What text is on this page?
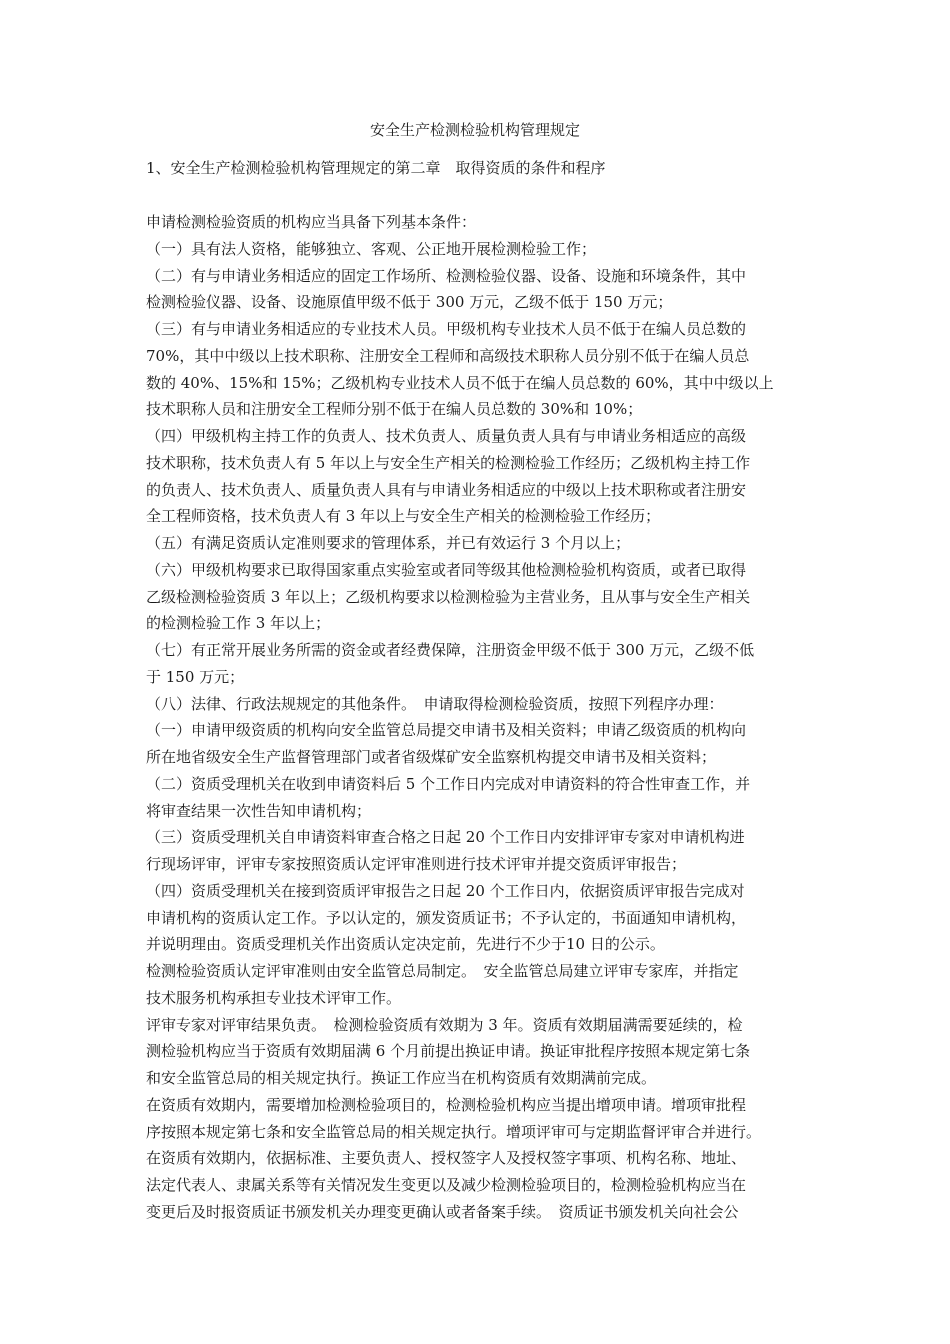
安全生产检测检验机构管理规定
1、安全生产检测检验机构管理规定的第二章　取得资质的条件和程序
申请检测检验资质的机构应当具备下列基本条件：
（一）具有法人资格，能够独立、客观、公正地开展检测检验工作；
（二）有与申请业务相适应的固定工作场所、检测检验仪器、设备、设施和环境条件，其中
检测检验仪器、设备、设施原值甲级不低于 300 万元，乙级不低于 150 万元；
（三）有与申请业务相适应的专业技术人员。甲级机构专业技术人员不低于在编人员总数的
70%，其中中级以上技术职称、注册安全工程师和高级技术职称人员分别不低于在编人员总
数的 40%、15%和 15%；乙级机构专业技术人员不低于在编人员总数的 60%，其中中级以上
技术职称人员和注册安全工程师分别不低于在编人员总数的 30%和 10%；
（四）甲级机构主持工作的负责人、技术负责人、质量负责人具有与申请业务相适应的高级
技术职称，技术负责人有 5 年以上与安全生产相关的检测检验工作经历；乙级机构主持工作
的负责人、技术负责人、质量负责人具有与申请业务相适应的中级以上技术职称或者注册安
全工程师资格，技术负责人有 3 年以上与安全生产相关的检测检验工作经历；
（五）有满足资质认定准则要求的管理体系，并已有效运行 3 个月以上；
（六）甲级机构要求已取得国家重点实验室或者同等级其他检测检验机构资质，或者已取得
乙级检测检验资质 3 年以上；乙级机构要求以检测检验为主营业务，且从事与安全生产相关
的检测检验工作 3 年以上；
（七）有正常开展业务所需的资金或者经费保障，注册资金甲级不低于 300 万元，乙级不低
于 150 万元；
（八）法律、行政法规规定的其他条件。　申请取得检测检验资质，按照下列程序办理：
（一）申请甲级资质的机构向安全监管总局提交申请书及相关资料；申请乙级资质的机构向
所在地省级安全生产监督管理部门或者省级煤矿安全监察机构提交申请书及相关资料；
（二）资质受理机关在收到申请资料后 5 个工作日内完成对申请资料的符合性审查工作，并
将审查结果一次性告知申请机构；
（三）资质受理机关自申请资料审查合格之日起 20 个工作日内安排评审专家对申请机构进
行现场评审，评审专家按照资质认定评审准则进行技术评审并提交资质评审报告；
（四）资质受理机关在接到资质评审报告之日起 20 个工作日内，依据资质评审报告完成对
申请机构的资质认定工作。予以认定的，颁发资质证书；不予认定的，书面通知申请机构，
并说明理由。资质受理机关作出资质认定决定前，先进行不少于10 日的公示。
检测检验资质认定评审准则由安全监管总局制定。　安全监管总局建立评审专家库，并指定
技术服务机构承担专业技术评审工作。
评审专家对评审结果负责。　检测检验资质有效期为 3 年。资质有效期届满需要延续的，检
测检验机构应当于资质有效期届满 6 个月前提出换证申请。换证审批程序按照本规定第七条
和安全监管总局的相关规定执行。换证工作应当在机构资质有效期满前完成。
在资质有效期内，需要增加检测检验项目的，检测检验机构应当提出增项申请。增项审批程
序按照本规定第七条和安全监管总局的相关规定执行。增项评审可与定期监督评审合并进行。
在资质有效期内，依据标准、主要负责人、授权签字人及授权签字事项、机构名称、地址、
法定代表人、隶属关系等有关情况发生变更以及减少检测检验项目的，检测检验机构应当在
变更后及时报资质证书颁发机关办理变更确认或者备案手续。　资质证书颁发机关向社会公
